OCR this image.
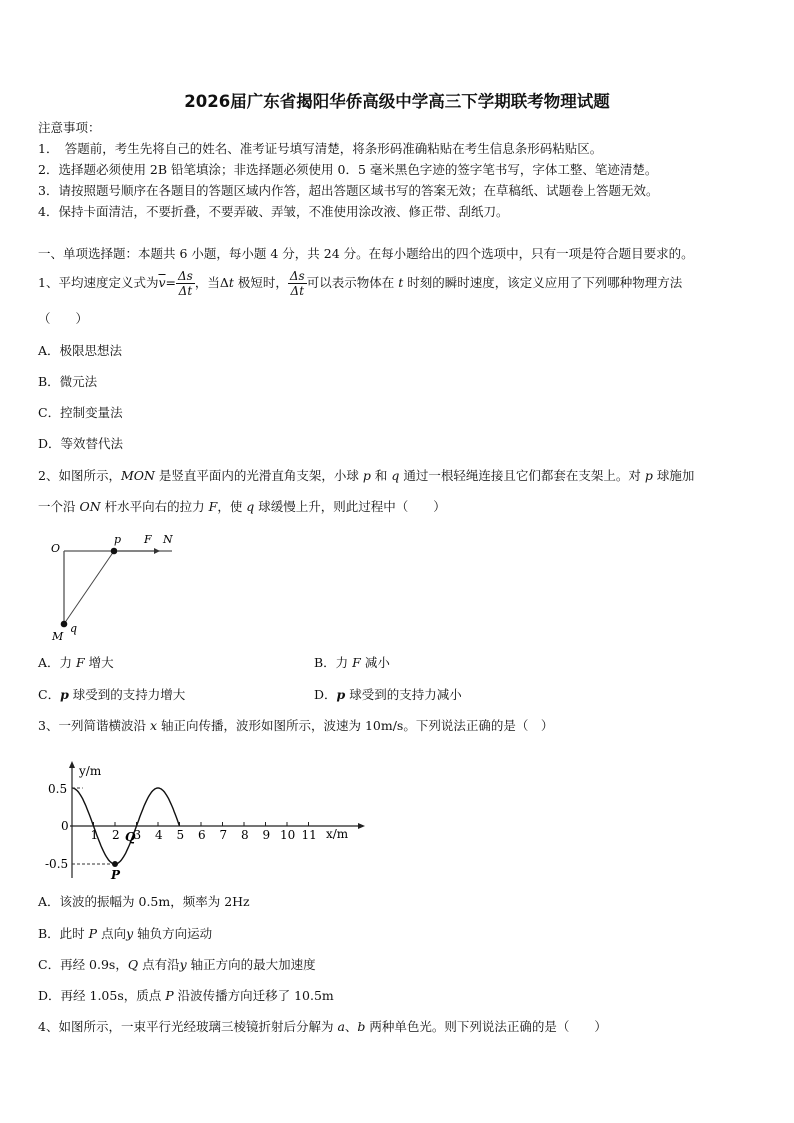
2026届广东省揭阳华侨高级中学高三下学期联考物理试题
注意事项：
1．　答题前，考生先将自己的姓名、准考证号填写清楚，将条形码准确粘贴在考生信息条形码粘贴区。
2．选择题必须使用 2B 铅笔填涂；非选择题必须使用 0．5 毫米黑色字迹的签字笔书写，字体工整、笔迹清楚。
3．请按照题号顺序在各题目的答题区域内作答，超出答题区域书写的答案无效；在草稿纸、试题卷上答题无效。
4．保持卡面清洁，不要折叠，不要弄破、弄皱，不准使用涂改液、修正带、刮纸刀。
一、单项选择题：本题共 6 小题，每小题 4 分，共 24 分。在每小题给出的四个选项中，只有一项是符合题目要求的。
1、平均速度定义式为$\overline{v}= \frac{\Delta s}{\Delta t}$ ，当Δt 极短时， $\frac{\Delta s}{\Delta t}$ 可以表示物体在 t 时刻的瞬时速度，该定义应用了下列哪种物理方法
（　　）
A．极限思想法
B．微元法
C．控制变量法
D．等效替代法
2、如图所示，MON 是竖直平面内的光滑直角支架，小球 p 和 q 通过一根轻绳连接且它们都套在支架上。对 p 球施加
一个沿 ON 杆水平向右的拉力 F，使 q 球缓慢上升，则此过程中（　　）
O
p F N
M
q
A．力 F 增大	B．力 F 减小
C．p 球受到的支持力增大	D．p 球受到的支持力减小
3、一列简谐横波沿 x 轴正向传播，波形如图所示，波速为 10m/s。下列说法正确的是（　）
y/m
x/m
0.5
0
-0.5
1 2 3 4 5 6 7 8 9 10 11
Q
P
A．该波的振幅为 0.5m，频率为 2Hz
B．此时 P 点向y 轴负方向运动
C．再经 0.9s，Q 点有沿y 轴正方向的最大加速度
D．再经 1.05s，质点 P 沿波传播方向迁移了 10.5m
4、如图所示，一束平行光经玻璃三棱镜折射后分解为 a、b 两种单色光。则下列说法正确的是（　　）
